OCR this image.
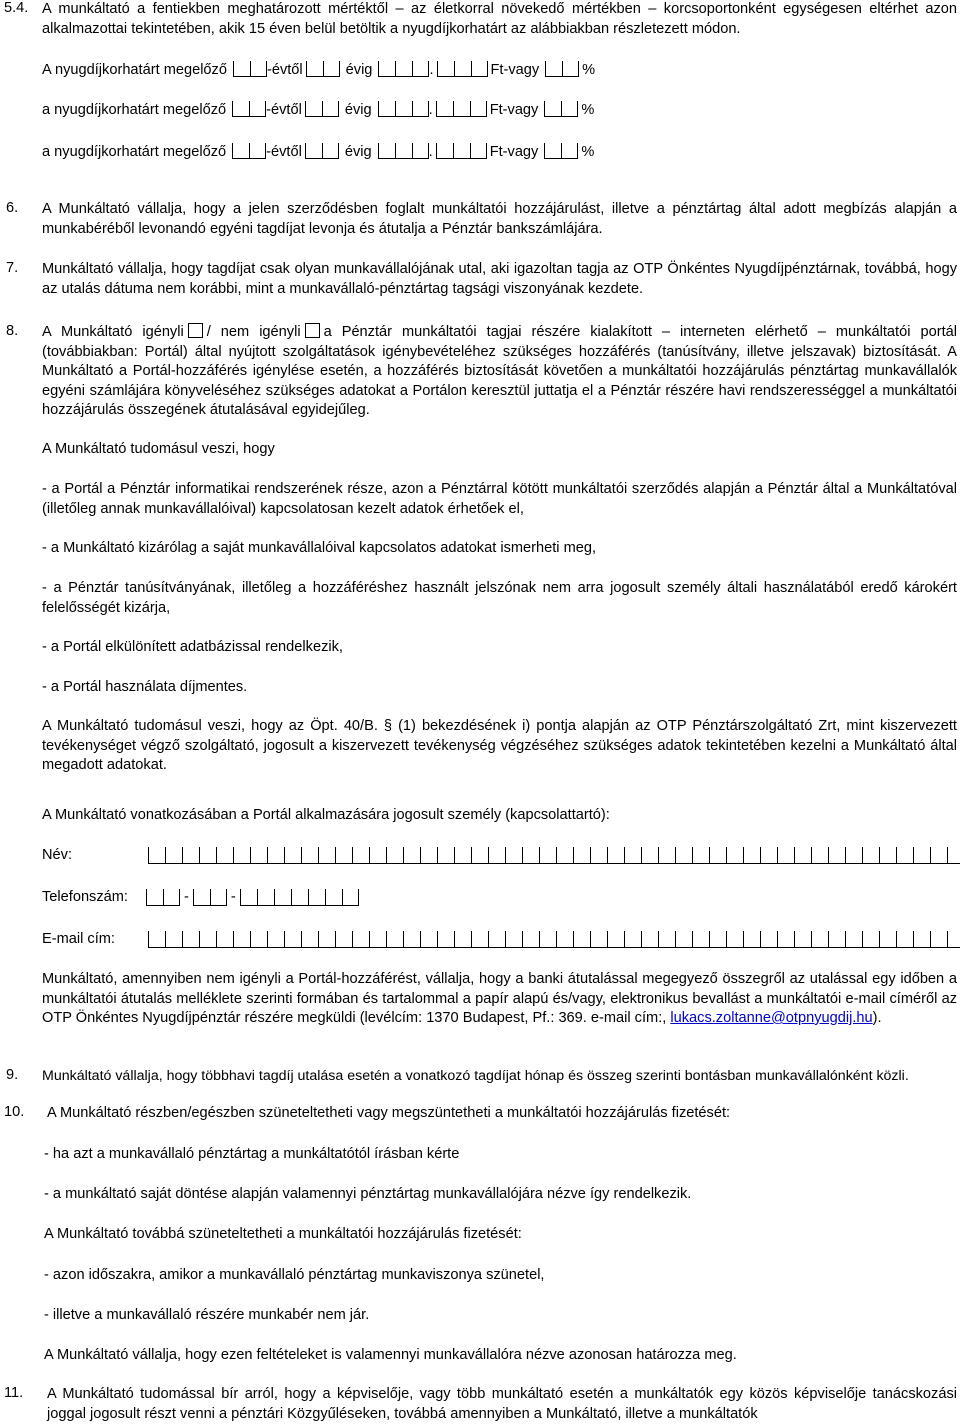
5.4. A munkáltató a fentiekben meghatározott mértéktől – az életkorral növekedő mértékben – korcsoportonként egységesen eltérhet azon alkalmazottai tekintetében, akik 15 éven belül betöltik a nyugdíjkorhatárt az alábbiakban részletezett módon.

A nyugdíjkorhatárt megelőző	-évtől	évig	.	Ft-vagy	%
a nyugdíjkorhatárt megelőző	-évtől	évig	.	Ft-vagy	%
a nyugdíjkorhatárt megelőző	-évtől	évig	.	Ft-vagy	%
6. A Munkáltató vállalja, hogy a jelen szerződésben foglalt munkáltatói hozzájárulást, illetve a pénztártag által adott megbízás alapján a munkabéréből levonandó egyéni tagdíjat levonja és átutalja a Pénztár bankszámlájára.

7. Munkáltató vállalja, hogy tagdíjat csak olyan munkavállalójának utal, aki igazoltan tagja az OTP Önkéntes Nyugdíjpénztárnak, továbbá, hogy az utalás dátuma nem korábbi, mint a munkavállaló-pénztártag tagsági viszonyának kezdete.

8. A Munkáltató igényli / nem igényli a Pénztár munkáltatói tagjai részére kialakított – interneten elérhető – munkáltatói portál (továbbiakban: Portál) által nyújtott szolgáltatások igénybevételéhez szükséges hozzáférés (tanúsítvány, illetve jelszavak) biztosítását. A Munkáltató a Portál-hozzáférés igénylése esetén, a hozzáférés biztosítását követően a munkáltatói hozzájárulás pénztártag munkavállalók egyéni számlájára könyveléséhez szükséges adatokat a Portálon keresztül juttatja el a Pénztár részére havi rendszerességgel a munkáltatói hozzájárulás összegének átutalásával egyidejűleg.

A Munkáltató tudomásul veszi, hogy

- a Portál a Pénztár informatikai rendszerének része, azon a Pénztárral kötött munkáltatói szerződés alapján a Pénztár által a Munkáltatóval (illetőleg annak munkavállalóival) kapcsolatosan kezelt adatok érhetőek el,

- a Munkáltató kizárólag a saját munkavállalóival kapcsolatos adatokat ismerheti meg,

- a Pénztár tanúsítványának, illetőleg a hozzáféréshez használt jelszónak nem arra jogosult személy általi használatából eredő károkért felelősségét kizárja,

- a Portál elkülönített adatbázissal rendelkezik,

- a Portál használata díjmentes.

A Munkáltató tudomásul veszi, hogy az Öpt. 40/B. § (1) bekezdésének i) pontja alapján az OTP Pénztárszolgáltató Zrt, mint kiszervezett tevékenységet végző szolgáltató, jogosult a kiszervezett tevékenység végzéséhez szükséges adatok tekintetében kezelni a Munkáltató által megadott adatokat.

A Munkáltató vonatkozásában a Portál alkalmazására jogosult személy (kapcsolattartó):

Név:
Telefonszám:	-	-
E-mail cím:

Munkáltató, amennyiben nem igényli a Portál-hozzáférést, vállalja, hogy a banki átutalással megegyező összegről az utalással egy időben a munkáltatói átutalás melléklete szerinti formában és tartalommal a papír alapú és/vagy, elektronikus bevallást a munkáltatói e-mail címéről az OTP Önkéntes Nyugdíjpénztár részére megküldi (levélcím: 1370 Budapest, Pf.: 369. e-mail cím:, lukacs.zoltanne@otpnyugdij.hu).

9. Munkáltató vállalja, hogy többhavi tagdíj utalása esetén a vonatkozó tagdíjat hónap és összeg szerinti bontásban munkavállalónként közli.

10. A Munkáltató részben/egészben szüneteltetheti vagy megszüntetheti a munkáltatói hozzájárulás fizetését:

- ha azt a munkavállaló pénztártag a munkáltatótól írásban kérte

- a munkáltató saját döntése alapján valamennyi pénztártag munkavállalójára nézve így rendelkezik.

A Munkáltató továbbá szüneteltetheti a munkáltatói hozzájárulás fizetését:

- azon időszakra, amikor a munkavállaló pénztártag munkaviszonya szünetel,

- illetve a munkavállaló részére munkabér nem jár.

A Munkáltató vállalja, hogy ezen feltételeket is valamennyi munkavállalóra nézve azonosan határozza meg.

11. A Munkáltató tudomással bír arról, hogy a képviselője, vagy több munkáltató esetén a munkáltatók egy közös képviselője tanácskozási joggal jogosult részt venni a pénztári Közgyűléseken, továbbá amennyiben a Munkáltató, illetve a munkáltatók
